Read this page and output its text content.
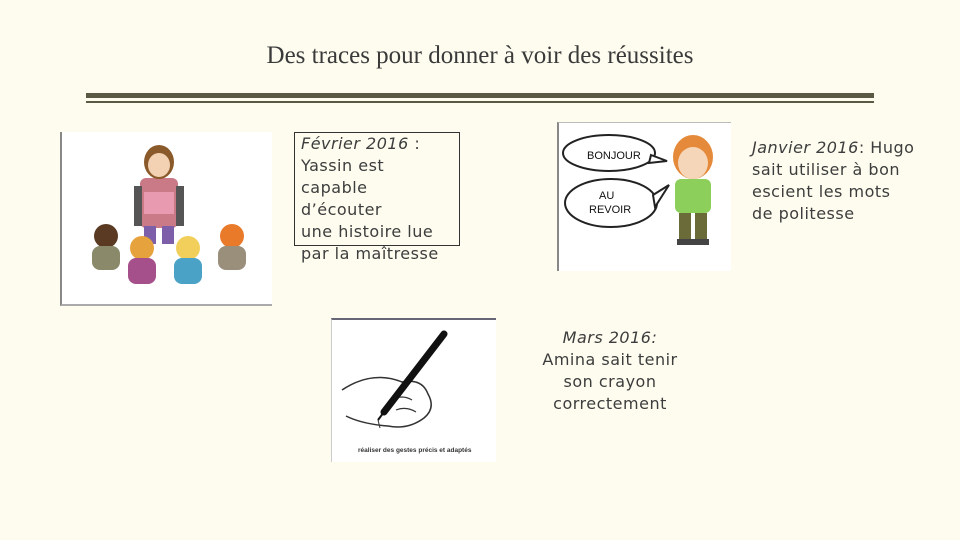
Des traces pour donner à voir des réussites
Février 2016 :
Yassin est
capable d’écouter
une histoire lue
par la maîtresse
BONJOUR
AU
REVOIR
Janvier 2016: Hugo
sait utiliser à bon
escient les mots
de politesse
réaliser des gestes précis et adaptés
Mars 2016:
Amina sait tenir
son crayon
correctement
